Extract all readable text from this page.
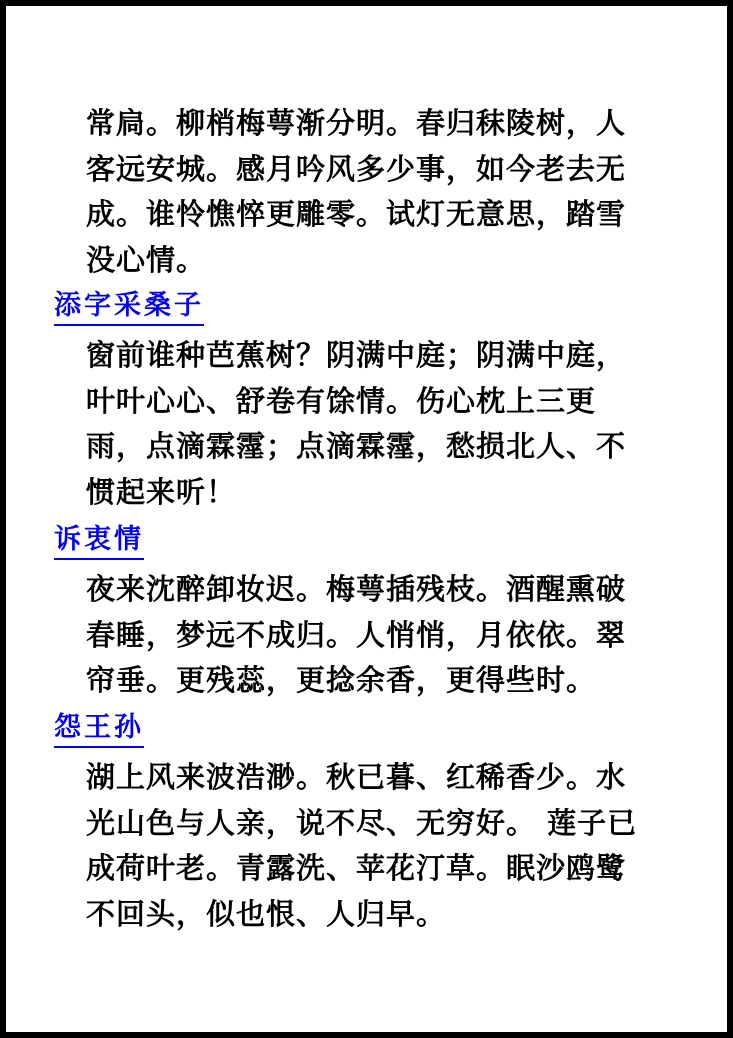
常扃。柳梢梅萼渐分明。春归秣陵树，人
客远安城。感月吟风多少事，如今老去无
成。谁怜憔悴更雕零。试灯无意思，踏雪
没心情。
添字采桑子
窗前谁种芭蕉树？阴满中庭；阴满中庭，
叶叶心心、舒卷有馀情。伤心枕上三更
雨，点滴霖霪；点滴霖霪，愁损北人、不
惯起来听！
诉衷情
夜来沈醉卸妆迟。梅萼插残枝。酒醒熏破
春睡，梦远不成归。人悄悄，月依依。翠
帘垂。更残蕊，更捻余香，更得些时。
怨王孙
湖上风来波浩渺。秋已暮、红稀香少。水
光山色与人亲，说不尽、无穷好。 莲子已
成荷叶老。青露洗、苹花汀草。眠沙鸥鹭
不回头，似也恨、人归早。
